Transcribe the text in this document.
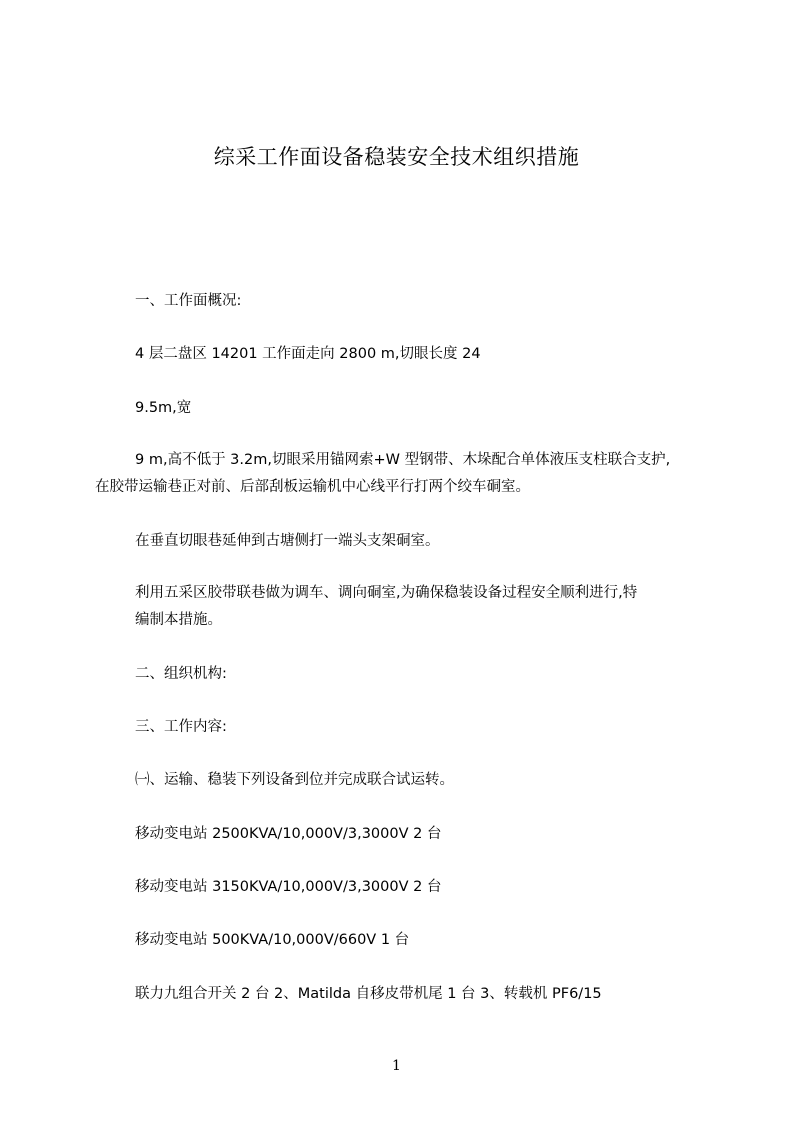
综采工作面设备稳装安全技术组织措施

一、工作面概况:

4 层二盘区 14201 工作面走向 2800 m,切眼长度 24

9.5m,宽

9 m,高不低于 3.2m,切眼采用锚网索+W 型钢带、木垛配合单体液压支柱联合支护,
在胶带运输巷正对前、后部刮板运输机中心线平行打两个绞车硐室。

在垂直切眼巷延伸到古塘侧打一端头支架硐室。

利用五采区胶带联巷做为调车、调向硐室,为确保稳装设备过程安全顺利进行,特
编制本措施。

二、组织机构:

三、工作内容:

㈠、运输、稳装下列设备到位并完成联合试运转。

移动变电站 2500KVA/10,000V/3,3000V 2 台

移动变电站 3150KVA/10,000V/3,3000V 2 台

移动变电站 500KVA/10,000V/660V 1 台

联力九组合开关 2 台 2、Matilda 自移皮带机尾 1 台 3、转载机 PF6/15

1
